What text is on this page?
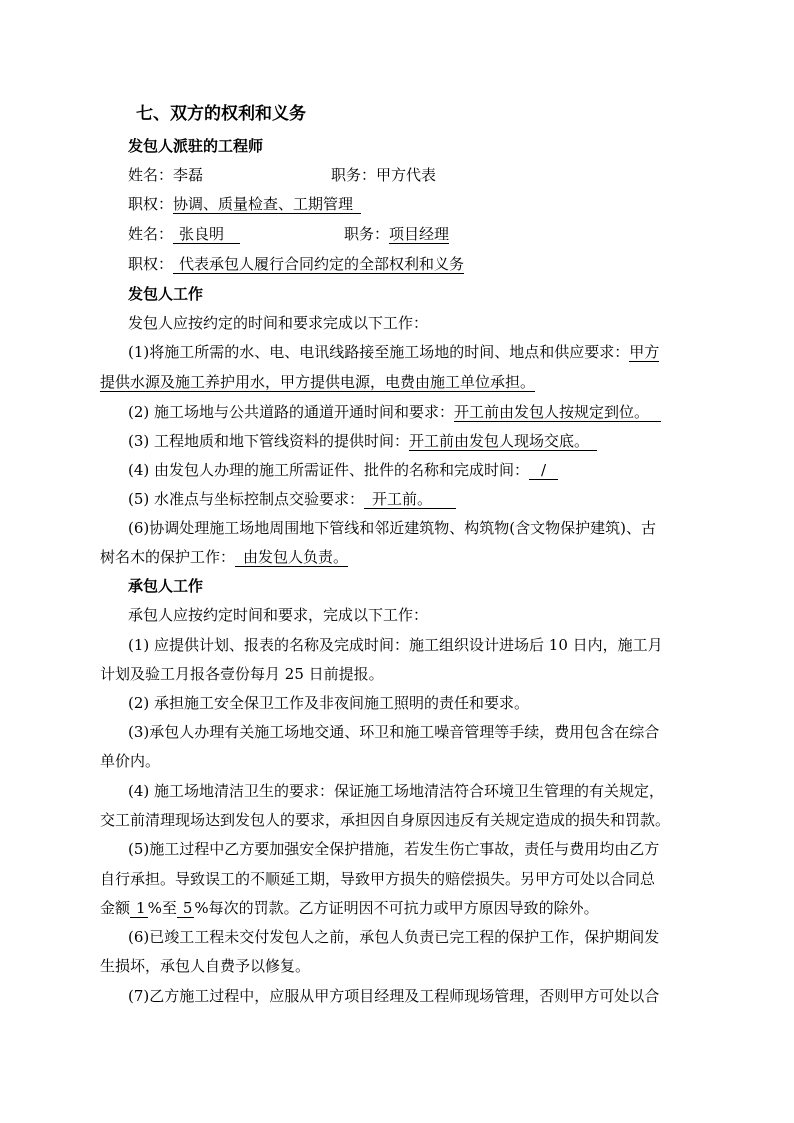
七、双方的权利和义务
发包人派驻的工程师
姓名：李磊	职务：甲方代表
职权：协调、质量检查、工期管理
姓名： 张良明	职务：项目经理
职权： 代表承包人履行合同约定的全部权利和义务
发包人工作
发包人应按约定的时间和要求完成以下工作：
(1)将施工所需的水、电、电讯线路接至施工场地的时间、地点和供应要求：甲方
提供水源及施工养护用水，甲方提供电源，电费由施工单位承担。
(2) 施工场地与公共道路的通道开通时间和要求：开工前由发包人按规定到位。
(3) 工程地质和地下管线资料的提供时间：开工前由发包人现场交底。
(4) 由发包人办理的施工所需证件、批件的名称和完成时间： /
(5) 水准点与坐标控制点交验要求： 开工前。
(6)协调处理施工场地周围地下管线和邻近建筑物、构筑物(含文物保护建筑)、古
树名木的保护工作： 由发包人负责。
承包人工作
承包人应按约定时间和要求，完成以下工作：
(1) 应提供计划、报表的名称及完成时间：施工组织设计进场后 10 日内，施工月
计划及验工月报各壹份每月 25 日前提报。
(2) 承担施工安全保卫工作及非夜间施工照明的责任和要求。
(3)承包人办理有关施工场地交通、环卫和施工噪音管理等手续，费用包含在综合
单价内。
(4) 施工场地清洁卫生的要求：保证施工场地清洁符合环境卫生管理的有关规定，
交工前清理现场达到发包人的要求，承担因自身原因违反有关规定造成的损失和罚款。
(5)施工过程中乙方要加强安全保护措施，若发生伤亡事故，责任与费用均由乙方
自行承担。导致误工的不顺延工期，导致甲方损失的赔偿损失。另甲方可处以合同总
金额 1 %至 5 %每次的罚款。乙方证明因不可抗力或甲方原因导致的除外。
(6)已竣工工程未交付发包人之前，承包人负责已完工程的保护工作，保护期间发
生损坏，承包人自费予以修复。
(7)乙方施工过程中，应服从甲方项目经理及工程师现场管理，否则甲方可处以合
